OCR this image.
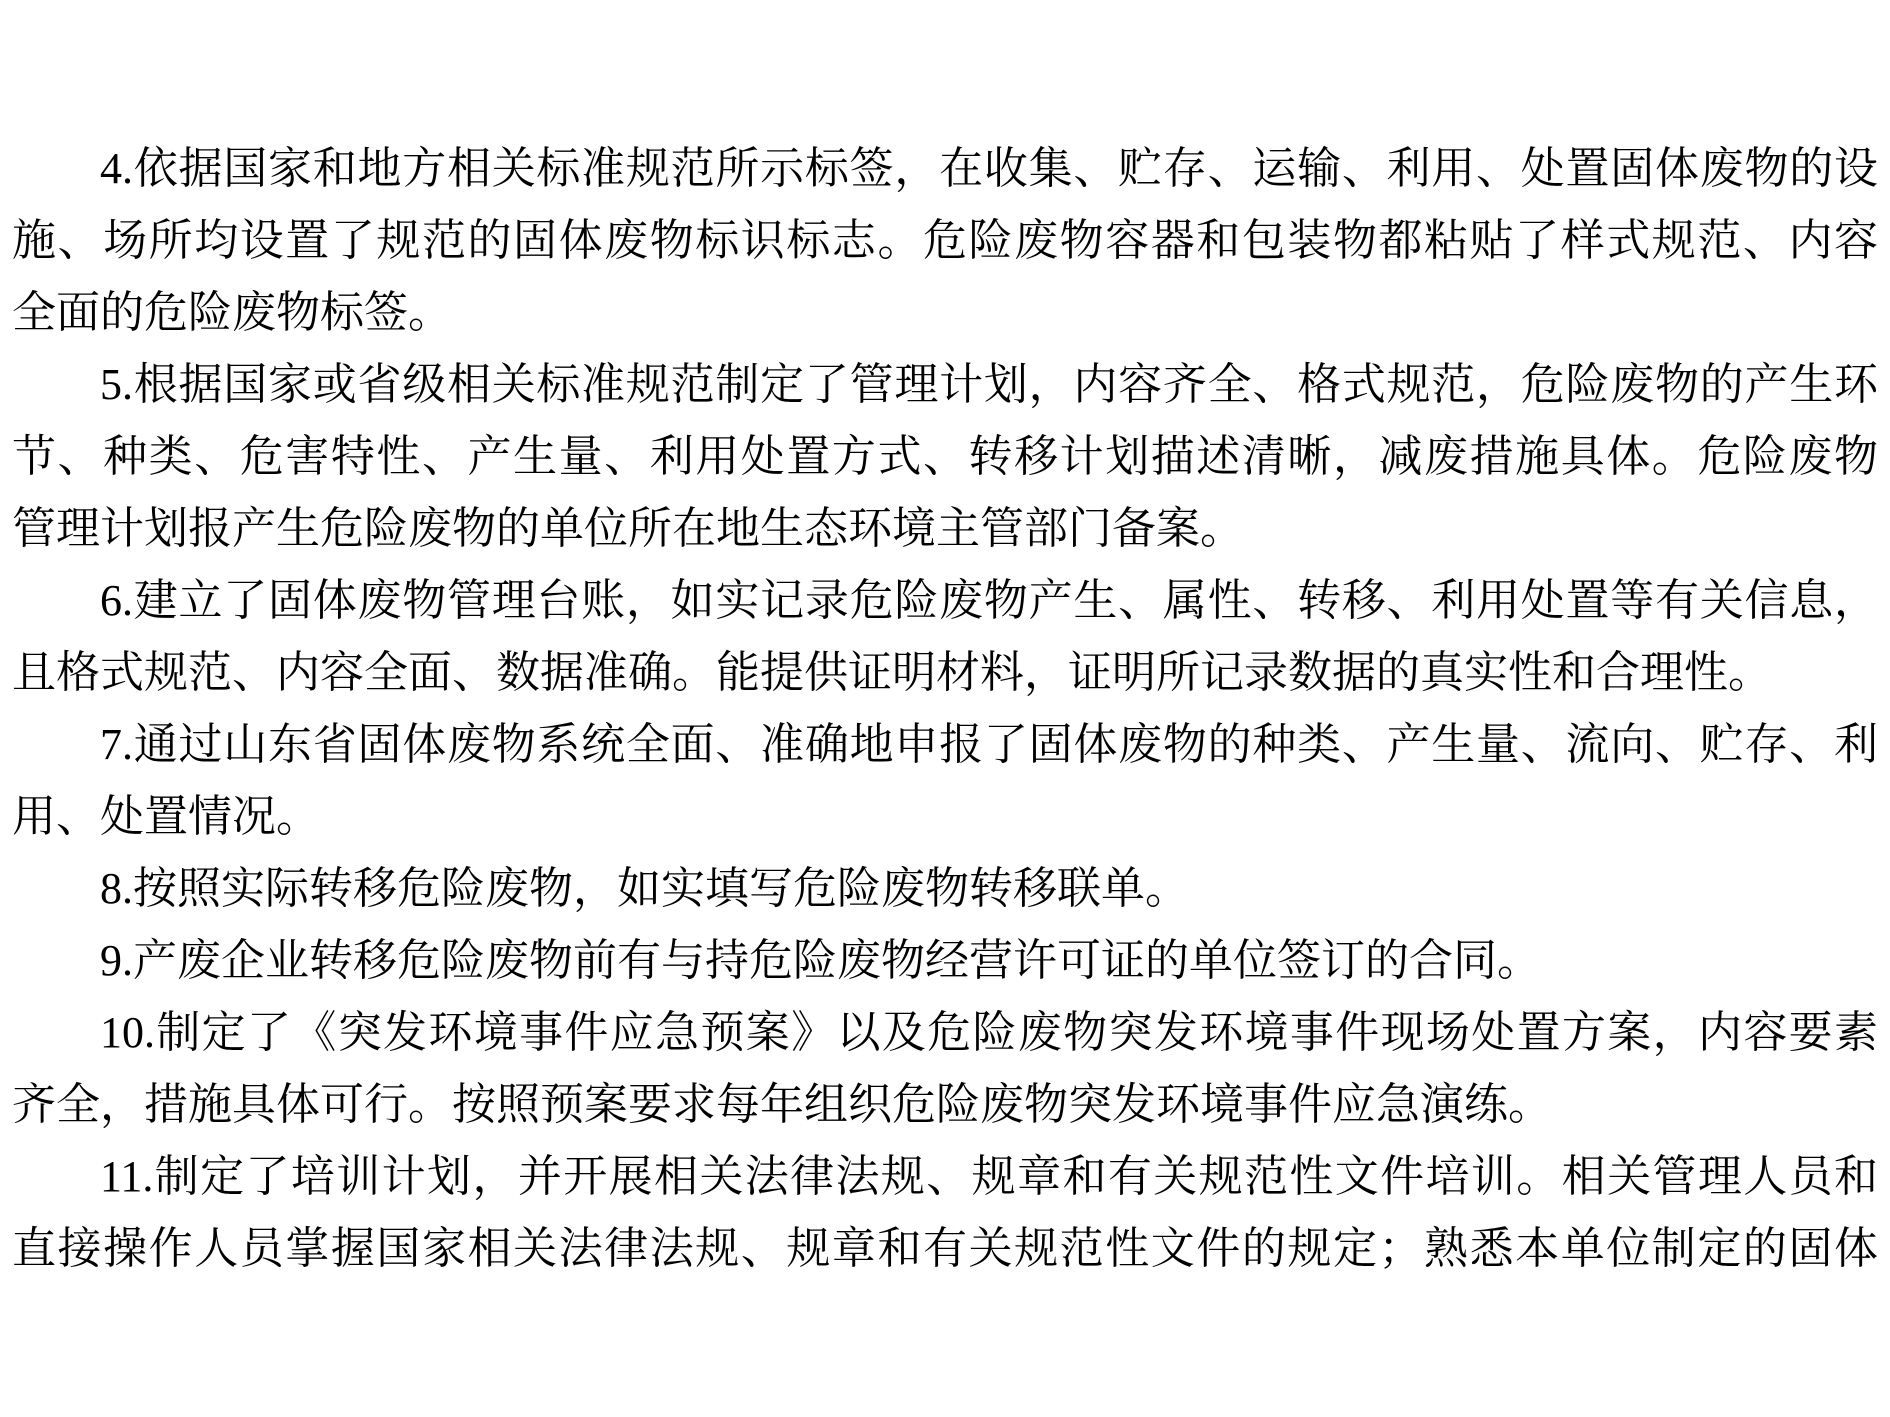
4.依据国家和地方相关标准规范所示标签，在收集、贮存、运输、利用、处置固体废物的设
施、场所均设置了规范的固体废物标识标志。危险废物容器和包装物都粘贴了样式规范、内容
全面的危险废物标签。
5.根据国家或省级相关标准规范制定了管理计划，内容齐全、格式规范，危险废物的产生环
节、种类、危害特性、产生量、利用处置方式、转移计划描述清晰，减废措施具体。危险废物
管理计划报产生危险废物的单位所在地生态环境主管部门备案。
6.建立了固体废物管理台账，如实记录危险废物产生、属性、转移、利用处置等有关信息，
且格式规范、内容全面、数据准确。能提供证明材料，证明所记录数据的真实性和合理性。
7.通过山东省固体废物系统全面、准确地申报了固体废物的种类、产生量、流向、贮存、利
用、处置情况。
8.按照实际转移危险废物，如实填写危险废物转移联单。
9.产废企业转移危险废物前有与持危险废物经营许可证的单位签订的合同。
10.制定了《突发环境事件应急预案》以及危险废物突发环境事件现场处置方案，内容要素
齐全，措施具体可行。按照预案要求每年组织危险废物突发环境事件应急演练。
11.制定了培训计划，并开展相关法律法规、规章和有关规范性文件培训。相关管理人员和
直接操作人员掌握国家相关法律法规、规章和有关规范性文件的规定；熟悉本单位制定的固体
